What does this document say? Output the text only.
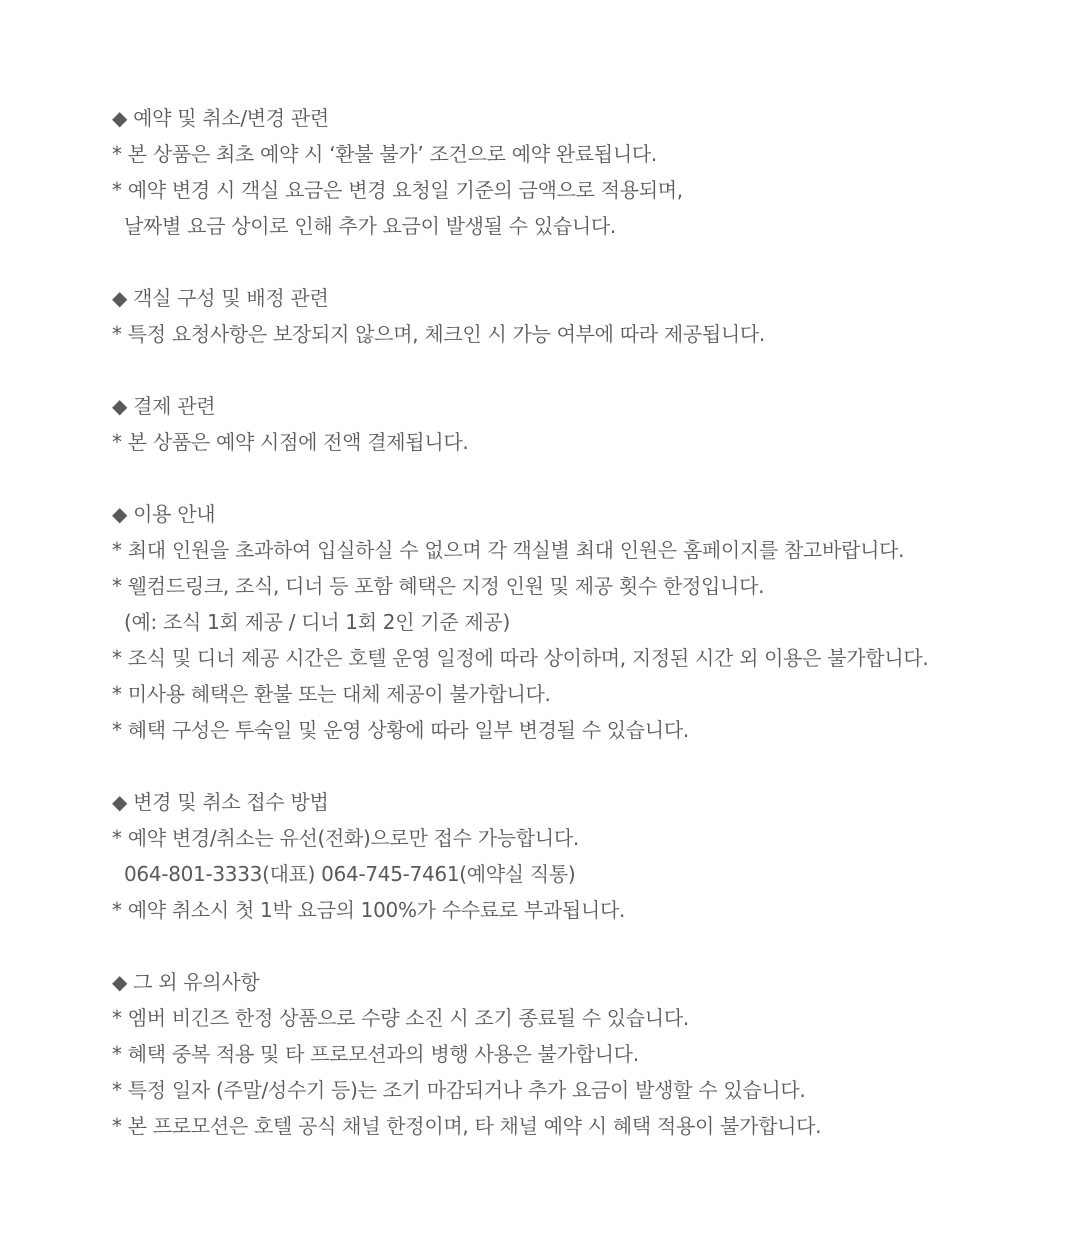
◆ 예약 및 취소/변경 관련
* 본 상품은 최초 예약 시 ‘환불 불가’ 조건으로 예약 완료됩니다.
* 예약 변경 시 객실 요금은 변경 요청일 기준의 금액으로 적용되며,
날짜별 요금 상이로 인해 추가 요금이 발생될 수 있습니다.
◆ 객실 구성 및 배정 관련
* 특정 요청사항은 보장되지 않으며, 체크인 시 가능 여부에 따라 제공됩니다.
◆ 결제 관련
* 본 상품은 예약 시점에 전액 결제됩니다.
◆ 이용 안내
* 최대 인원을 초과하여 입실하실 수 없으며 각 객실별 최대 인원은 홈페이지를 참고바랍니다.
* 웰컴드링크, 조식, 디너 등 포함 혜택은 지정 인원 및 제공 횟수 한정입니다.
(예: 조식 1회 제공 / 디너 1회 2인 기준 제공)
* 조식 및 디너 제공 시간은 호텔 운영 일정에 따라 상이하며, 지정된 시간 외 이용은 불가합니다.
* 미사용 혜택은 환불 또는 대체 제공이 불가합니다.
* 혜택 구성은 투숙일 및 운영 상황에 따라 일부 변경될 수 있습니다.
◆ 변경 및 취소 접수 방법
* 예약 변경/취소는 유선(전화)으로만 접수 가능합니다.
064-801-3333(대표) 064-745-7461(예약실 직통)
* 예약 취소시 첫 1박 요금의 100%가 수수료로 부과됩니다.
◆ 그 외 유의사항
* 엠버 비긴즈 한정 상품으로 수량 소진 시 조기 종료될 수 있습니다.
* 혜택 중복 적용 및 타 프로모션과의 병행 사용은 불가합니다.
* 특정 일자 (주말/성수기 등)는 조기 마감되거나 추가 요금이 발생할 수 있습니다.
* 본 프로모션은 호텔 공식 채널 한정이며, 타 채널 예약 시 혜택 적용이 불가합니다.
